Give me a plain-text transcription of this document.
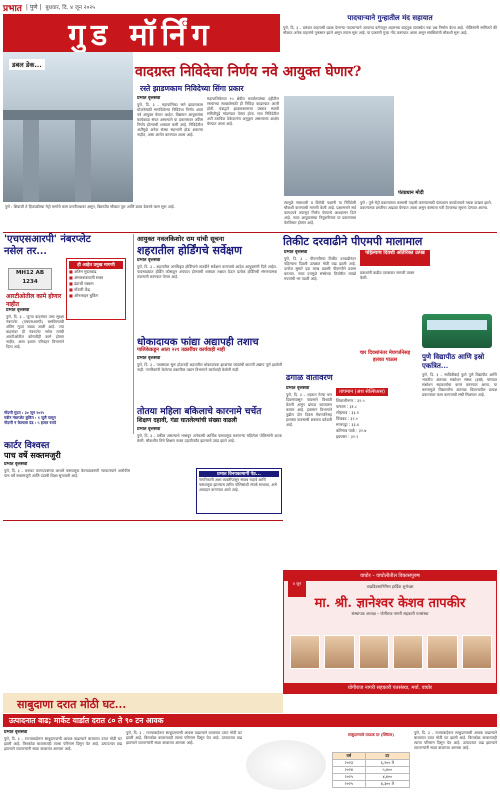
प्रभात | पुणे | बुधवार, दि. ४ जून २०२५
गुड मॉर्निंग	पादचाऱ्याने गुन्हातील मंद सहायात

पुणे, दि. ३ – वारंवार वाहनाची धडक देणाऱ्या पादचाऱ्याने आपल्या वर्तनातून शहराच्या वाहतुक व्यवस्थेत नवा प्रश्न निर्माण केला आहे. पोलिसांनी सांगितले की चौकात अनेक वाहनांचे नुकसान झाले असून तपास सुरू आहे. या प्रकरणी गुन्हा नोंद करण्यात आला असून संबंधितांची चौकशी सुरू आहे.

डबल डेक...
पुणे : शिवाजी ते हिंजवडीच्या मेट्रो मार्गाचे काम प्रगतीपथावर असून, विद्यापीठ चौकात पूल आणि डबल डेकरचे काम सुरू आहे.
वादग्रस्त निविदेचा निर्णय नवे आयुक्त घेणार?
रस्ते झाडणकाम निविदेच्या सिंगा प्रकार
प्रभात वृत्तसेवा
पुणे, दि. ३ – महापालिका रस्ते झाडणकाम योजनेसाठी मागविलेल्या निविदेचा निर्णय आता नवे आयुक्त घेणार आहेत. विद्यमान आयुक्तांचा कार्यकाळ संपत असल्याने या प्रकरणावर अंतिम निर्णय होण्याची शक्यता कमी आहे. निविदेतील अटींमुळे अनेक संस्था सहभागी होऊ शकल्या नाहीत, असा आरोप करण्यात आला आहे.
महापालिकेच्या १५ क्षेत्रीय कार्यालयांच्या हद्दीतील रस्त्यांच्या स्वच्छतेसाठी ही निविदा काढण्यात आली होती. यंत्राद्वारे झाडणकामाचा प्रस्ताव स्थायी समितीपुढे मांडण्यात येणार होता. मात्र निविदेतील अटी ठराविक ठेकेदारांना अनुकूल असल्याचा आक्षेप घेण्यात आला आहे.
त्यामुळे सत्ताधारी व विरोधी पक्षांनी या निविदेची चौकशी करण्याची मागणी केली आहे. प्रशासनाने सर्व कागदपत्रे तपासून निर्णय घेण्याचे आश्वासन दिले आहे. नव्या आयुक्तांच्या नियुक्तीनंतर या प्रकरणाचा फेरविचार होणार आहे.
पंतप्रधान मोदी
पुणे : पुणे मेट्रो प्रकल्पाच्या कामाची पाहणी करण्यासाठी पंतप्रधान कार्यालयाचे पथक दाखल झाले. प्रकल्पाच्या प्रगतीचा आढावा घेण्यात आला असून कामाला गती देण्याच्या सूचना देण्यात आल्या.
'एचएसआरपी' नंबरप्लेट नसेल तर...
ही आहेत प्रमुख मागणी
■ अंतिम मुदतवाढ
■ अंमलबजावणी सक्त
■ दंडाची रक्कम
■ नोंदणी केंद्र
■ ऑनलाइन बुकिंग
MH12 AB 1234
आरटीओतील कामे होणार नाहीत
प्रभात वृत्तसेवा
पुणे, दि. ३ – जुन्या वाहनांवर उच्च सुरक्षा नंबरप्लेट (एचएसआरपी) बसविण्याची अंतिम मुदत जवळ आली आहे. ज्या वाहनांवर ही नंबरप्लेट नसेल त्यांची आरटीओतील कोणतीही कामे होणार नाहीत, असा इशारा परिवहन विभागाने दिला आहे.
नोंदणी मुदत : ३० जून २०२५
नवीन नंबरप्लेट बुकिंग : १ जुलै पासून
नोंदणी न केल्यास दंड : ५ हजार रुपये
आयुक्त नवलकिशोर राम यांची सूचना
शहरातील होर्डिंगचे सर्वेक्षण
प्रभात वृत्तसेवा
पुणे, दि. ३ – शहरातील अनधिकृत होर्डिंग्जचे तातडीने सर्वेक्षण करण्याचे आदेश आयुक्तांनी दिले आहेत. पावसाळ्यात होर्डिंग कोसळून अपघात होण्याची शक्यता लक्षात घेऊन प्रत्येक होर्डिंगची संरचनात्मक तपासणी करण्यात येणार आहे.
तिकीट दरवाढीने पीएमपी मालामाल
पहिल्याच दिवशी अतिरिक्त उत्पन्न
प्रभात वृत्तसेवा
पुणे, दि. ३ – पीएमपीच्या तिकीट दरवाढीनंतर पहिल्याच दिवशी उत्पन्नात मोठी वाढ झाली आहे. दररोज सुमारे दहा लाख प्रवासी पीएमपीने प्रवास करतात. नव्या दरामुळे संस्थेच्या तिजोरीत लाखो रुपयांची भर पडली आहे.
प्रवाशांनी वाढीव दराबाबत नाराजी व्यक्त केली.
धोकादायक फांद्या अद्यापही तशाच
पालिकेकडून आता २२१ तक्रारींवर कार्यवाही नाही
प्रभात वृत्तसेवा
पुणे, दि. ३ – पावसाळा सुरू होऊनही शहरातील धोकादायक झाडांच्या फांद्यांची छाटणी अद्याप पूर्ण झालेली नाही. नागरिकांनी केलेल्या तक्रारींवर उद्यान विभागाने कार्यवाही केलेली नाही.
चार दिवसांनंतर मेघगर्जनेसह
हलका पाऊस
ढगाळ वातावरण
तापमान (अंश सेल्सिअस)
शिवाजीनगर : ३२.५
पाषाण : ३१.८
लोहगाव : ३३.१
चिंचवड : ३२.०
मगरपट्टा : ३३.४
कोरेगाव पार्क : ३२.७
हडपसर : ३२.२
प्रभात वृत्तसेवा
पुणे, दि. ३ – शहरात गेल्या चार दिवसांपासून पावसाने विश्रांती घेतली असून ढगाळ वातावरण कायम आहे. हवामान विभागाने पुढील दोन दिवस मेघगर्जनेसह हलक्या पावसाची शक्यता वर्तवली आहे.
पुणे विद्यापीठ आणि इस्रो एकत्रित...
पुणे, दि. ३ – सावित्रीबाई फुले पुणे विद्यापीठ आणि भारतीय अंतराळ संशोधन संस्था (इस्रो) यांच्यात संशोधन सहकार्याचा करार करण्यात आला. या करारामुळे विद्यार्थ्यांना अंतराळ विज्ञानातील प्रत्यक्ष प्रकल्पांवर काम करण्याची संधी मिळणार आहे.
कार्टर विश्वस्त
पाच वर्षे सक्तमजुरी
प्रभात वृत्तसेवा
पुणे, दि. ३ – बनावट कागदपत्रांच्या आधारे फसवणूक केल्याप्रकरणी न्यायालयाने आरोपीस पाच वर्षे सक्तमजुरी आणि दंडाची शिक्षा सुनावली आहे.
तोतया महिला बकिलाचे कारनामे चर्चेत
शिक्षण दहावी, गंडा घातलेल्यांची संख्या वाढली
प्रभात वृत्तसेवा
पुणे, दि. ३ – वकील असल्याचे भासवून अनेकांची आर्थिक फसवणूक करणाऱ्या महिलेला पोलिसांनी अटक केली. चौकशीत तिचे शिक्षण फक्त दहावीपर्यंत झाल्याचे उघड झाले आहे.
प्रभात विनयकामार्गी पेठ...
नागरिकांनी अशा व्यक्तींपासून सावध राहावे आणि फसवणूक झाल्यास त्वरित पोलिसांशी संपर्क साधावा, असे आवाहन करण्यात आले आहे.
वाघोर – वाघोलीतील विकासपुरुष
४ जून
वाढदिवसानिमित्त हार्दिक शुभेच्छा
मा. श्री. ज्ञानेश्वर केशव तापकीर
संस्थापक अध्यक्ष – योगीराज नागरी सहकारी पतसंस्था
योगीराज नागरी सहकारी पतसंस्था, मर्या. वाघोर
साबुदाणा दरात मोठी घट...
उत्पादनात वाढ; मार्केट यार्डात दरात ८० ते ९० टन आवक
प्रभात वृत्तसेवा
पुणे, दि. ३ – राज्याबाहेरून साबुदाण्याची आवक वाढल्याने बाजारात दरात मोठी घट झाली आहे. किरकोळ बाजारातही त्याचा परिणाम दिसून येत आहे. उत्पादनात वाढ झाल्याने व्यापाऱ्यांनी साठा बाजारात आणला आहे.
पुणे, दि. ३ – राज्याबाहेरून साबुदाण्याची आवक वाढल्याने बाजारात दरात मोठी घट झाली आहे. किरकोळ बाजारातही त्याचा परिणाम दिसून येत आहे. उत्पादनात वाढ झाल्याने व्यापाऱ्यांनी साठा बाजारात आणला आहे.
साबुदाण्याचे घाऊक दर (क्विंटल)
वर्ष	दर
२०२३	६,२०० ते
२०२४	५,४००
२०२५	४,४००
२०२५	४,३०० ते
पुणे, दि. ३ – राज्याबाहेरून साबुदाण्याची आवक वाढल्याने बाजारात दरात मोठी घट झाली आहे. किरकोळ बाजारातही त्याचा परिणाम दिसून येत आहे. उत्पादनात वाढ झाल्याने व्यापाऱ्यांनी साठा बाजारात आणला आहे.
